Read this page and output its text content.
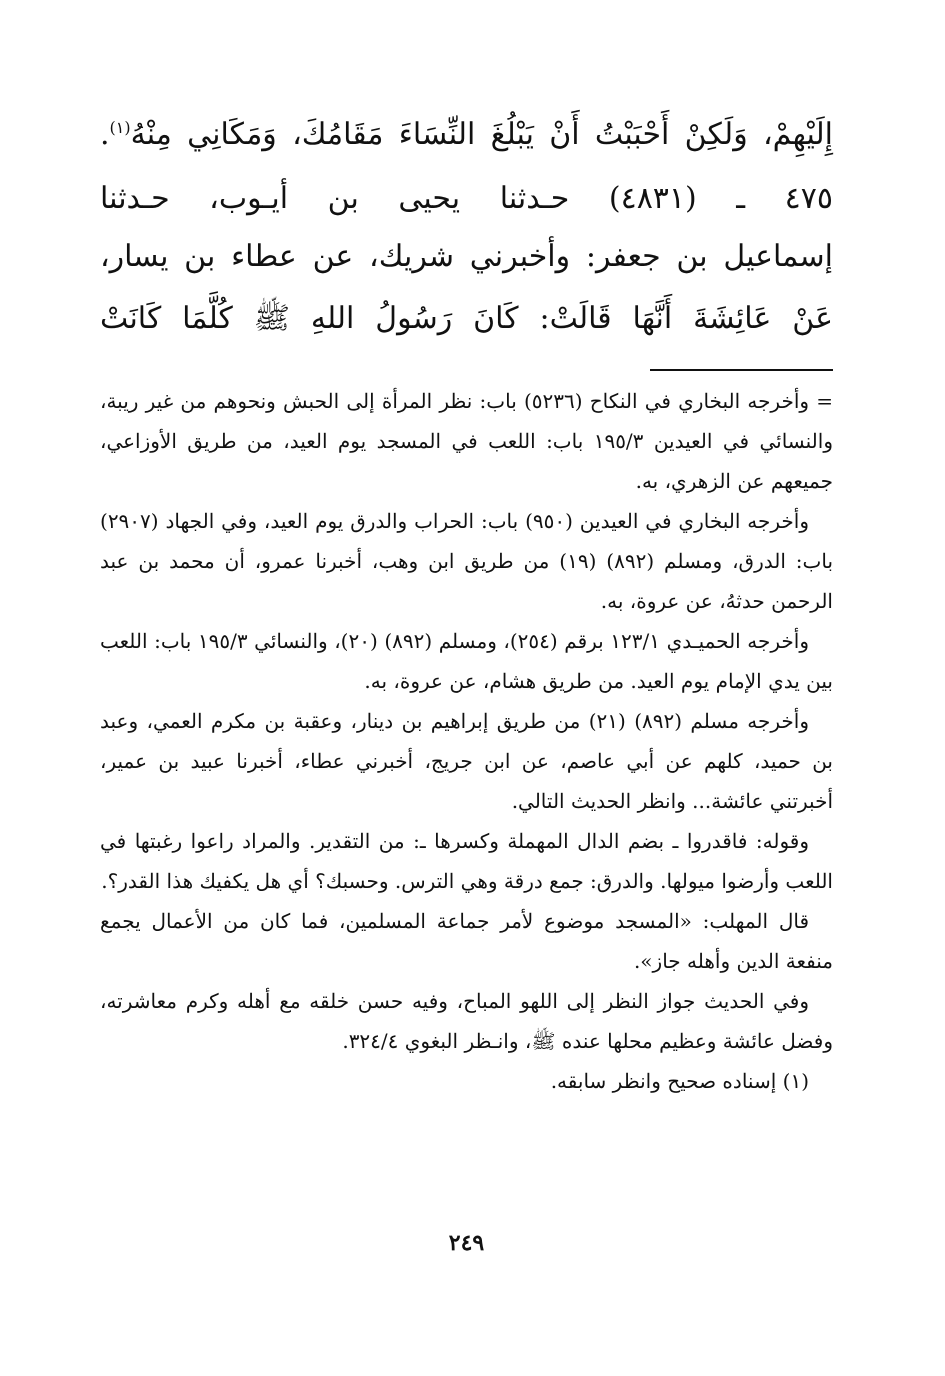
إِلَيْهِمْ، وَلَكِنْ أَحْبَبْتُ أَنْ يَبْلُغَ النِّسَاءَ مَقَامُكَ، وَمَكَانِي مِنْهُ$^{(١)}$.

٤٧٥ ـ (٤٨٣١) حـدثنا يحيى بن أيـوب، حـدثنا

إسماعيل بن جعفر: وأخبرني شريك، عن عطاء بن يسار،

عَنْ عَائِشَةَ أَنَّهَا قَالَتْ: كَانَ رَسُولُ اللهِ ﷺ كُلَّمَا كَانَتْ

= وأخرجه البخاري في النكاح (٥٢٣٦) باب: نظر المرأة إلى الحبش ونحوهم من غير ريبة، والنسائي في العيدين ١٩٥/٣ باب: اللعب في المسجد يوم العيد، من طريق الأوزاعي، جميعهم عن الزهري، به.

وأخرجه البخاري في العيدين (٩٥٠) باب: الحراب والدرق يوم العيد، وفي الجهاد (٢٩٠٧) باب: الدرق، ومسلم (٨٩٢) (١٩) من طريق ابن وهب، أخبرنا عمرو، أن محمد بن عبد الرحمن حدثهُ، عن عروة، به.

وأخرجه الحميـدي ١٢٣/١ برقم (٢٥٤)، ومسلم (٨٩٢) (٢٠)، والنسائي ١٩٥/٣ باب: اللعب بين يدي الإمام يوم العيد. من طريق هشام، عن عروة، به.

وأخرجه مسلم (٨٩٢) (٢١) من طريق إبراهيم بن دينار، وعقبة بن مكرم العمي، وعبد بن حميد، كلهم عن أبي عاصم، عن ابن جريج، أخبرني عطاء، أخبرنا عبيد بن عمير، أخبرتني عائشة... وانظر الحديث التالي.

وقوله: فاقدروا ـ بضم الدال المهملة وكسرها ـ: من التقدير. والمراد راعوا رغبتها في اللعب وأرضوا ميولها. والدرق: جمع درقة وهي الترس. وحسبك؟ أي هل يكفيك هذا القدر؟.

قال المهلب: «المسجد موضوع لأمر جماعة المسلمين، فما كان من الأعمال يجمع منفعة الدين وأهله جاز».

وفي الحديث جواز النظر إلى اللهو المباح، وفيه حسن خلقه مع أهله وكرم معاشرته، وفضل عائشة وعظيم محلها عنده ﷺ، وانـظر البغوي ٣٢٤/٤.

(١) إسناده صحيح وانظر سابقه.

٢٤٩
